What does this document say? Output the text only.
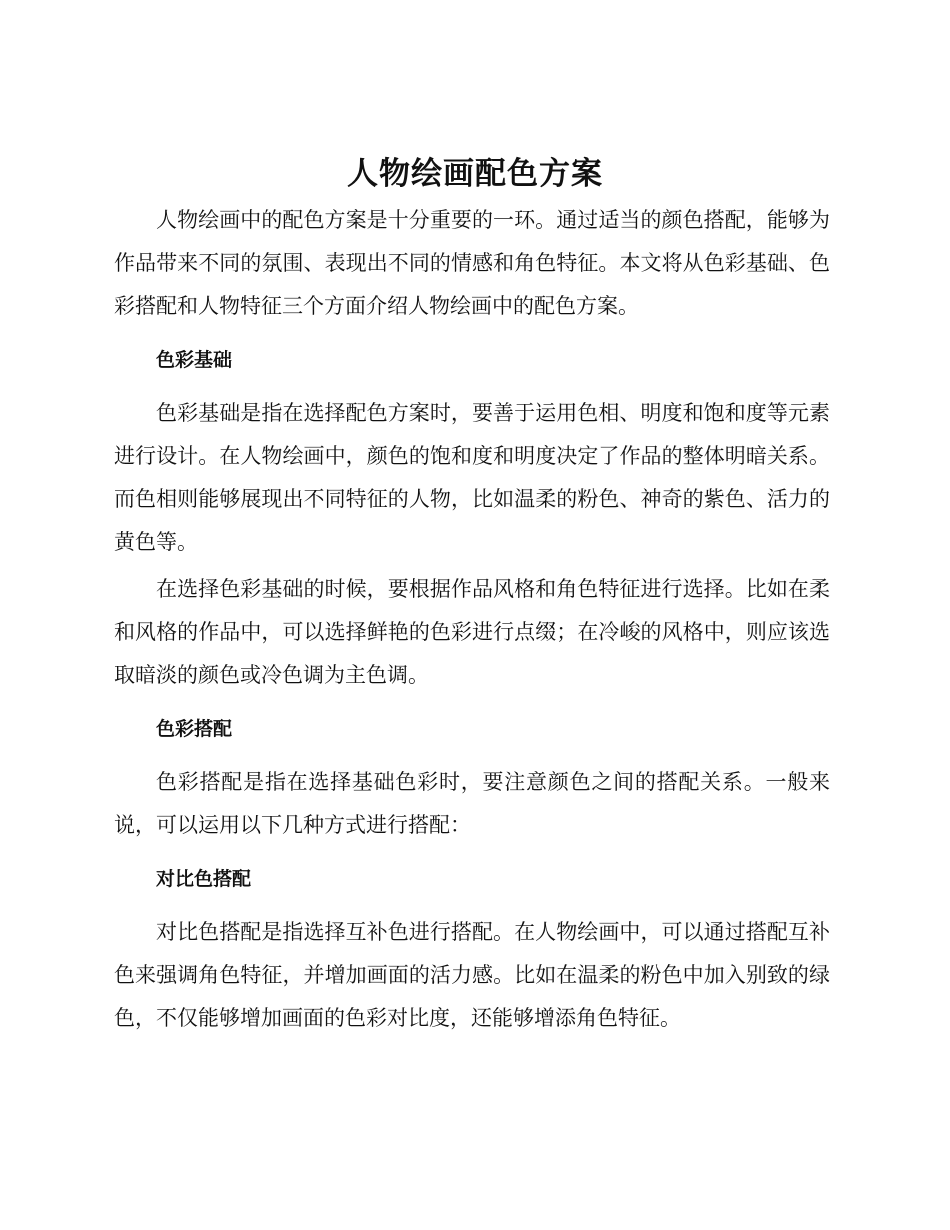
人物绘画配色方案

人物绘画中的配色方案是十分重要的一环。通过适当的颜色搭配，能够为作品带来不同的氛围、表现出不同的情感和角色特征。本文将从色彩基础、色彩搭配和人物特征三个方面介绍人物绘画中的配色方案。

色彩基础

色彩基础是指在选择配色方案时，要善于运用色相、明度和饱和度等元素进行设计。在人物绘画中，颜色的饱和度和明度决定了作品的整体明暗关系。而色相则能够展现出不同特征的人物，比如温柔的粉色、神奇的紫色、活力的黄色等。

在选择色彩基础的时候，要根据作品风格和角色特征进行选择。比如在柔和风格的作品中，可以选择鲜艳的色彩进行点缀；在冷峻的风格中，则应该选取暗淡的颜色或冷色调为主色调。

色彩搭配

色彩搭配是指在选择基础色彩时，要注意颜色之间的搭配关系。一般来说，可以运用以下几种方式进行搭配：

对比色搭配

对比色搭配是指选择互补色进行搭配。在人物绘画中，可以通过搭配互补色来强调角色特征，并增加画面的活力感。比如在温柔的粉色中加入别致的绿色，不仅能够增加画面的色彩对比度，还能够增添角色特征。
